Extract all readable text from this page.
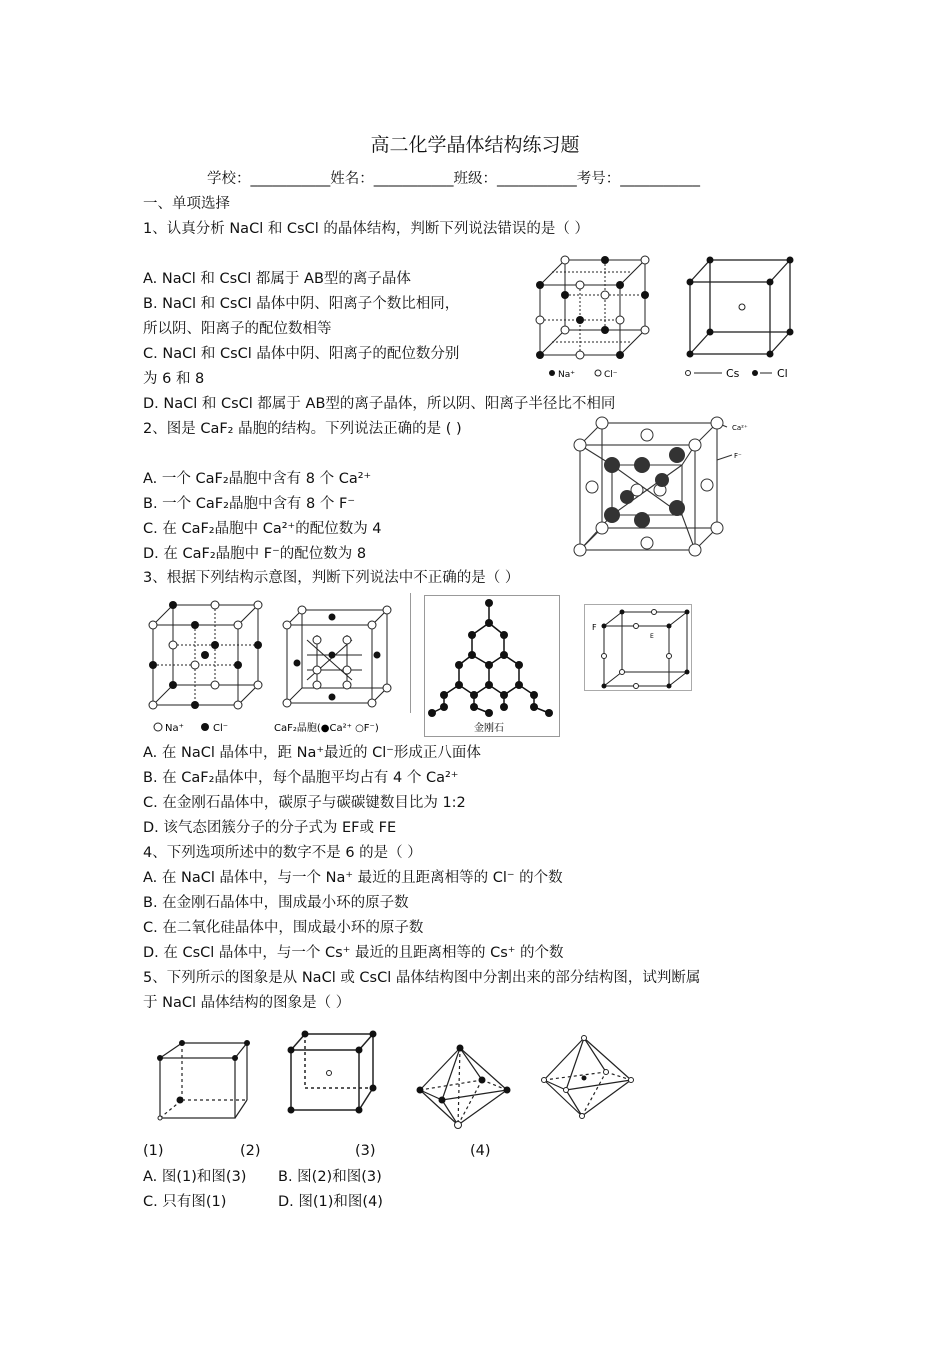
高二化学晶体结构练习题
学校：___________姓名：___________班级：___________考号：___________
一、单项选择
1、认真分析 NaCl 和 CsCl 的晶体结构，判断下列说法错误的是（ ）
A. NaCl 和 CsCl 都属于 AB型的离子晶体
B. NaCl 和 CsCl 晶体中阴、阳离子个数比相同，
所以阴、阳离子的配位数相等
C. NaCl 和 CsCl 晶体中阴、阳离子的配位数分别
为 6 和 8
D. NaCl 和 CsCl 都属于 AB型的离子晶体，所以阴、阳离子半径比不相同
Na⁺	Cl⁻	Cs	Cl
2、图是 CaF₂ 晶胞的结构。下列说法正确的是 ( )
A. 一个 CaF₂晶胞中含有 8 个 Ca²⁺
B. 一个 CaF₂晶胞中含有 8 个 F⁻
C. 在 CaF₂晶胞中 Ca²⁺的配位数为 4
D. 在 CaF₂晶胞中 F⁻的配位数为 8
Ca²⁺
F⁻
3、根据下列结构示意图，判断下列说法中不正确的是（ ）
Na⁺	Cl⁻	CaF₂晶胞(●Ca²⁺ ○F⁻)	金刚石
F
E
A. 在 NaCl 晶体中，距 Na⁺最近的 Cl⁻形成正八面体
B. 在 CaF₂晶体中，每个晶胞平均占有 4 个 Ca²⁺
C. 在金刚石晶体中，碳原子与碳碳键数目比为 1:2
D. 该气态团簇分子的分子式为 EF或 FE
4、下列选项所述中的数字不是 6 的是（ ）
A. 在 NaCl 晶体中，与一个 Na⁺ 最近的且距离相等的 Cl⁻ 的个数
B. 在金刚石晶体中，围成最小环的原子数
C. 在二氧化硅晶体中，围成最小环的原子数
D. 在 CsCl 晶体中，与一个 Cs⁺ 最近的且距离相等的 Cs⁺ 的个数
5、下列所示的图象是从 NaCl 或 CsCl 晶体结构图中分割出来的部分结构图，试判断属
于 NaCl 晶体结构的图象是（ ）
(1)	(2)	(3)	(4)
A. 图(1)和图(3) B. 图(2)和图(3)
C. 只有图(1)	D. 图(1)和图(4)
